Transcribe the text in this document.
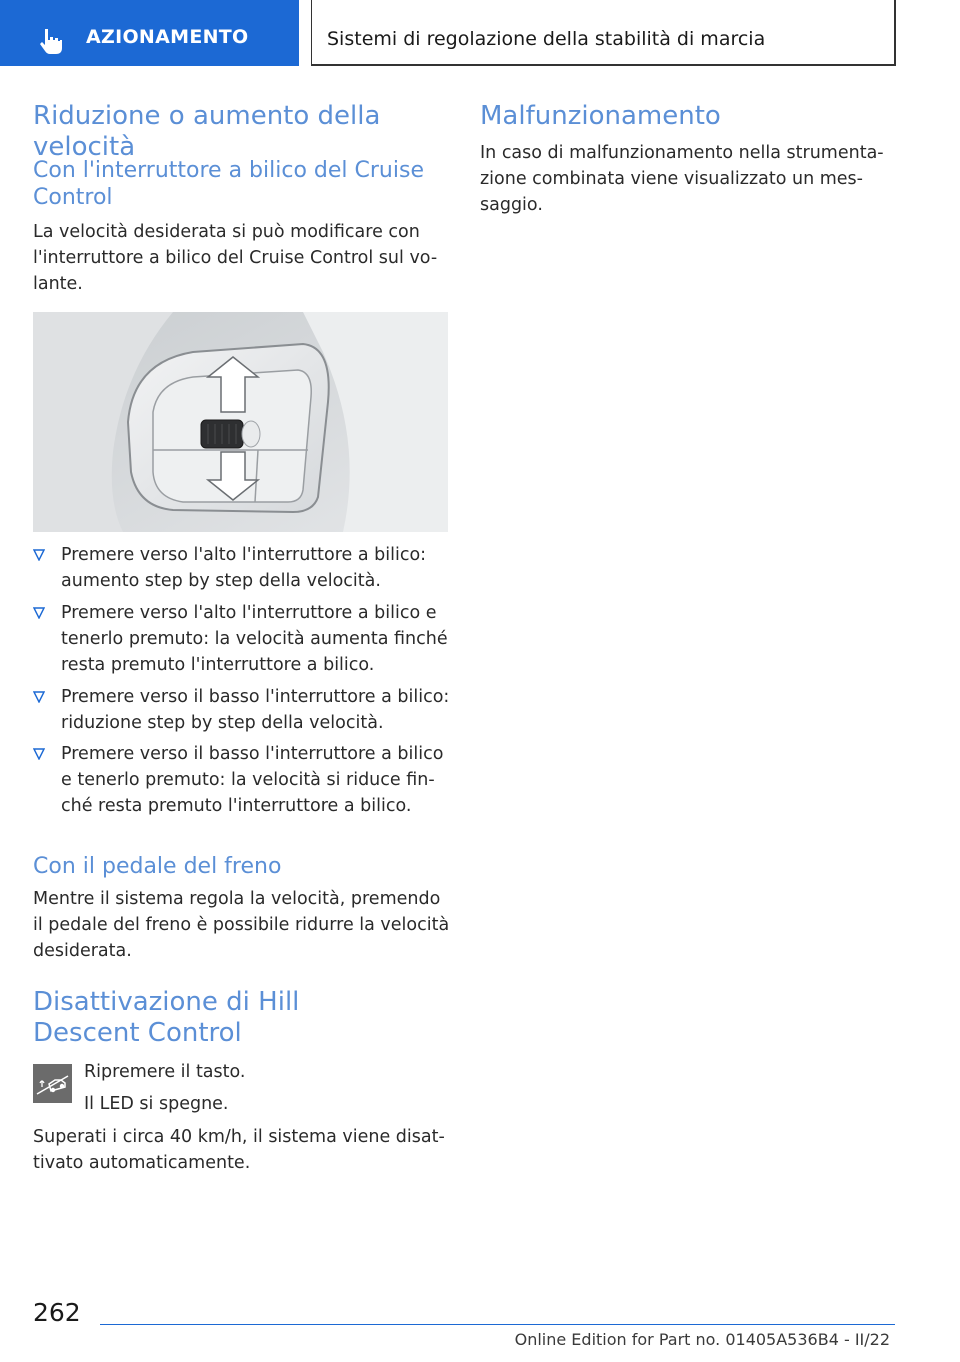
AZIONAMENTO	Sistemi di regolazione della stabilità di marcia
Riduzione o aumento della velocità
Con l'interruttore a bilico del Cruise Control
La velocità desiderata si può modificare con l'interruttore a bilico del Cruise Control sul vo-lante.
Premere verso l'alto l'interruttore a bilico: aumento step by step della velocità.
Premere verso l'alto l'interruttore a bilico e tenerlo premuto: la velocità aumenta finché resta premuto l'interruttore a bilico.
Premere verso il basso l'interruttore a bilico: riduzione step by step della velocità.
Premere verso il basso l'interruttore a bilico e tenerlo premuto: la velocità si riduce fin-ché resta premuto l'interruttore a bilico.
Con il pedale del freno
Mentre il sistema regola la velocità, premendo il pedale del freno è possibile ridurre la velocità desiderata.
Disattivazione di Hill Descent Control
Ripremere il tasto.
Il LED si spegne.
Superati i circa 40 km/h, il sistema viene disat-tivato automaticamente.
Malfunzionamento
In caso di malfunzionamento nella strumenta-zione combinata viene visualizzato un mes-saggio.
262
Online Edition for Part no. 01405A536B4 - II/22
